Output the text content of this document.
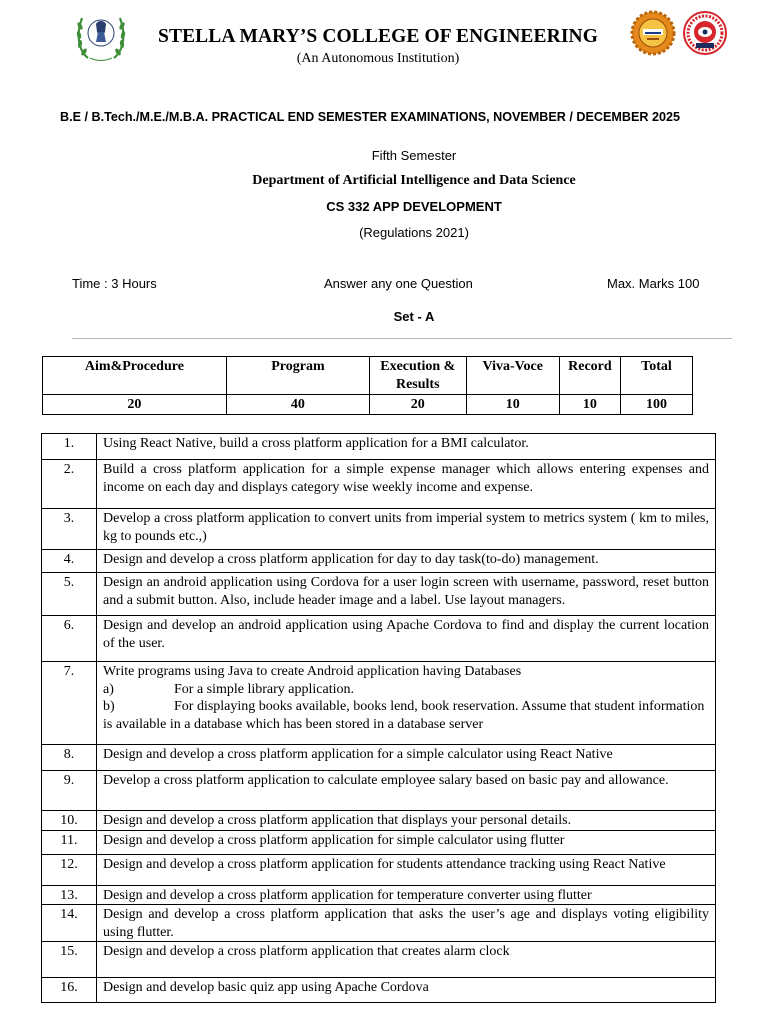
STELLA MARY’S COLLEGE OF ENGINEERING
(An Autonomous Institution)
B.E / B.Tech./M.E./M.B.A. PRACTICAL END SEMESTER EXAMINATIONS, NOVEMBER / DECEMBER 2025
Fifth Semester
Department of Artificial Intelligence and Data Science
CS 332 APP DEVELOPMENT
(Regulations 2021)
Time : 3 Hours	Answer any one Question	Max. Marks 100
Set - A
Aim&Procedure	Program	Execution & Results	Viva-Voce	Record	Total
20	40	20	10	10	100
1.	Using React Native, build a cross platform application for a BMI calculator.
2.	Build a cross platform application for a simple expense manager which allows entering expenses and income on each day and displays category wise weekly income and expense.
3.	Develop a cross platform application to convert units from imperial system to metrics system ( km to miles, kg to pounds etc.,)
4.	Design and develop a cross platform application for day to day task(to-do) management.
5.	Design an android application using Cordova for a user login screen with username, password, reset button and a submit button. Also, include header image and a label. Use layout managers.
6.	Design and develop an android application using Apache Cordova to find and display the current location of the user.
7.	Write programs using Java to create Android application having Databases
a) For a simple library application.
b) For displaying books available, books lend, book reservation. Assume that student information is available in a database which has been stored in a database server

8.	Design and develop a cross platform application for a simple calculator using React Native
9.	Develop a cross platform application to calculate employee salary based on basic pay and allowance.
10.	Design and develop a cross platform application that displays your personal details.
11.	Design and develop a cross platform application for simple calculator using flutter
12.	Design and develop a cross platform application for students attendance tracking using React Native
13.	Design and develop a cross platform application for temperature converter using flutter
14.	Design and develop a cross platform application that asks the user’s age and displays voting eligibility using flutter.
15.	Design and develop a cross platform application that creates alarm clock
16.	Design and develop basic quiz app using Apache Cordova
